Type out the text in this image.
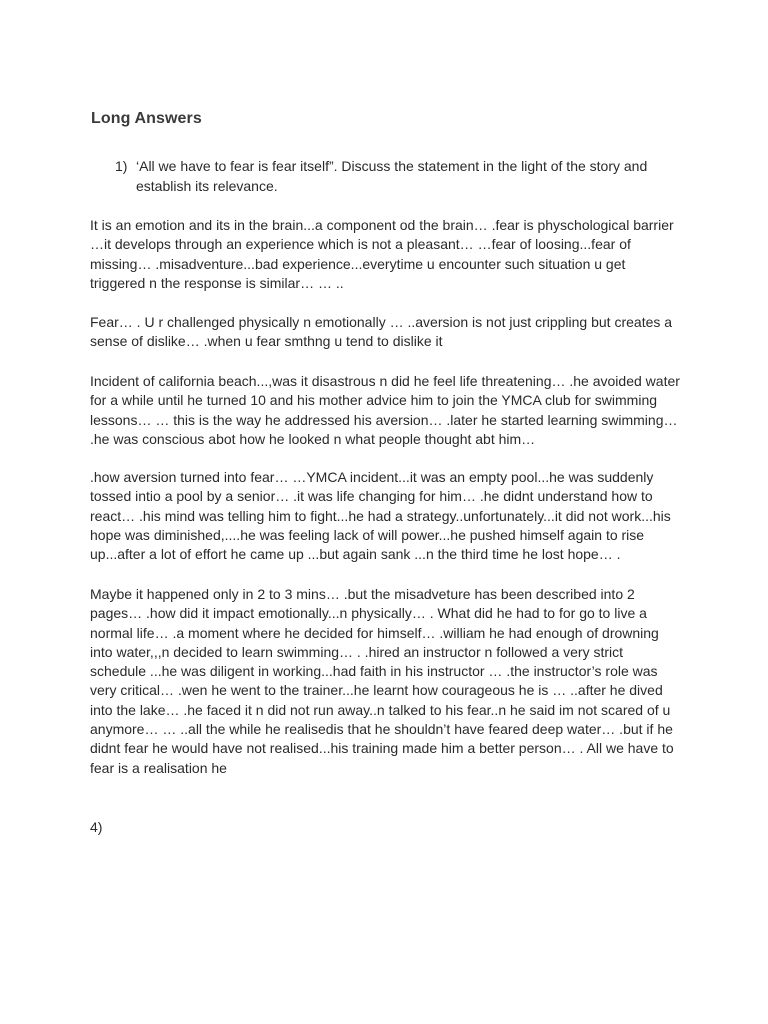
Long Answers
1) ‘All we have to fear is fear itself”. Discuss the statement in the light of the story and establish its relevance.

It is an emotion and its in the brain...a component od the brain… .fear is physchological barrier …it develops through an experience which is not a pleasant… …fear of loosing...fear of missing… .misadventure...bad experience...everytime u encounter such situation u get triggered n the response is similar… … ..

Fear… . U r challenged physically n emotionally … ..aversion is not just crippling but creates a sense of dislike… .when u fear smthng u tend to dislike it

Incident of california beach...,was it disastrous n did he feel life threatening… .he avoided water for a while until he turned 10 and his mother advice him to join the YMCA club for swimming lessons… … this is the way he addressed his aversion… .later he started learning swimming… .he was conscious abot how he looked n what people thought abt him…

.how aversion turned into fear… …YMCA incident...it was an empty pool...he was suddenly tossed intio a pool by a senior… .it was life changing for him… .he didnt understand how to react… .his mind was telling him to fight...he had a strategy..unfortunately...it did not work...his hope was diminished,....he was feeling lack of will power...he pushed himself again to rise up...after a lot of effort he came up ...but again sank ...n the third time he lost hope… .

Maybe it happened only in 2 to 3 mins… .but the misadveture has been described into 2 pages… .how did it impact emotionally...n physically… . What did he had to for go to live a normal life… .a moment where he decided for himself… .william he had enough of drowning into water,,,n decided to learn swimming… . .hired an instructor n followed a very strict schedule ...he was diligent in working...had faith in his instructor … .the instructor’s role was very critical… .wen he went to the trainer...he learnt how courageous he is … ..after he dived into the lake… .he faced it n did not run away..n talked to his fear..n he said im not scared of u anymore… … ..all the while he realisedis that he shouldn’t have feared deep water… .but if he didnt fear he would have not realised...his training made him a better person… . All we have to fear is a realisation he

4)
